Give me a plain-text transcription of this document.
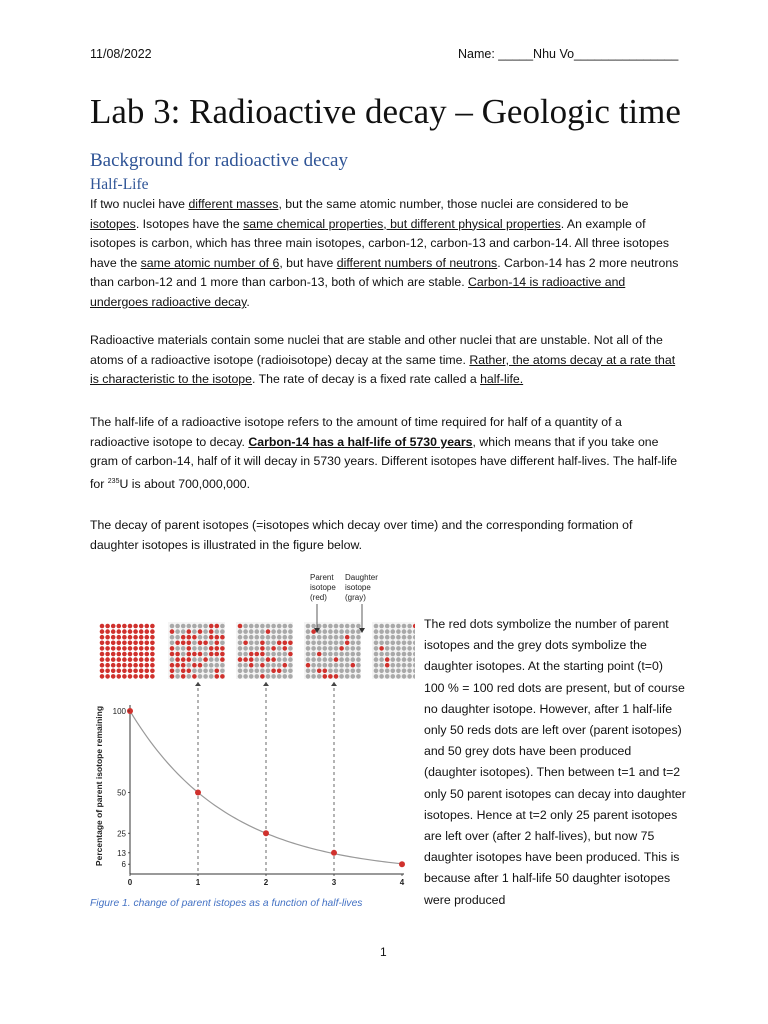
11/08/2022	Name: _____Nhu Vo_______________
Lab 3: Radioactive decay – Geologic time
Background for radioactive decay
Half-Life

If two nuclei have different masses, but the same atomic number, those nuclei are considered to be isotopes. Isotopes have the same chemical properties, but different physical properties. An example of isotopes is carbon, which has three main isotopes, carbon-12, carbon-13 and carbon-14. All three isotopes have the same atomic number of 6, but have different numbers of neutrons. Carbon-14 has 2 more neutrons than carbon-12 and 1 more than carbon-13, both of which are stable. Carbon-14 is radioactive and undergoes radioactive decay.

Radioactive materials contain some nuclei that are stable and other nuclei that are unstable. Not all of the atoms of a radioactive isotope (radioisotope) decay at the same time. Rather, the atoms decay at a rate that is characteristic to the isotope. The rate of decay is a fixed rate called a half-life.

The half-life of a radioactive isotope refers to the amount of time required for half of a quantity of a radioactive isotope to decay. Carbon-14 has a half-life of 5730 years, which means that if you take one gram of carbon-14, half of it will decay in 5730 years. Different isotopes have different half-lives. The half-life for $^{235}$U is about 700,000,000.

The decay of parent isotopes (=isotopes which decay over time) and the corresponding formation of daughter isotopes is illustrated in the figure below.

Parent
isotope
(red)
Daughter
isotope
(gray)
100
50
25
13
6
0	1	2	3	4
Percentage of parent isotope remaining
Figure 1. change of parent istopes as a function of half-lives

The red dots symbolize the number of parent isotopes and the grey dots symbolize the daughter isotopes. At the starting point (t=0) 100 % = 100 red dots are present, but of course no daughter isotope. However, after 1 half-life only 50 reds dots are left over (parent isotopes) and 50 grey dots have been produced (daughter isotopes). Then between t=1 and t=2 only 50 parent isotopes can decay into daughter isotopes. Hence at t=2 only 25 parent isotopes are left over (after 2 half-lives), but now 75 daughter isotopes have been produced. This is because after 1 half-life 50 daughter isotopes were produced

1
